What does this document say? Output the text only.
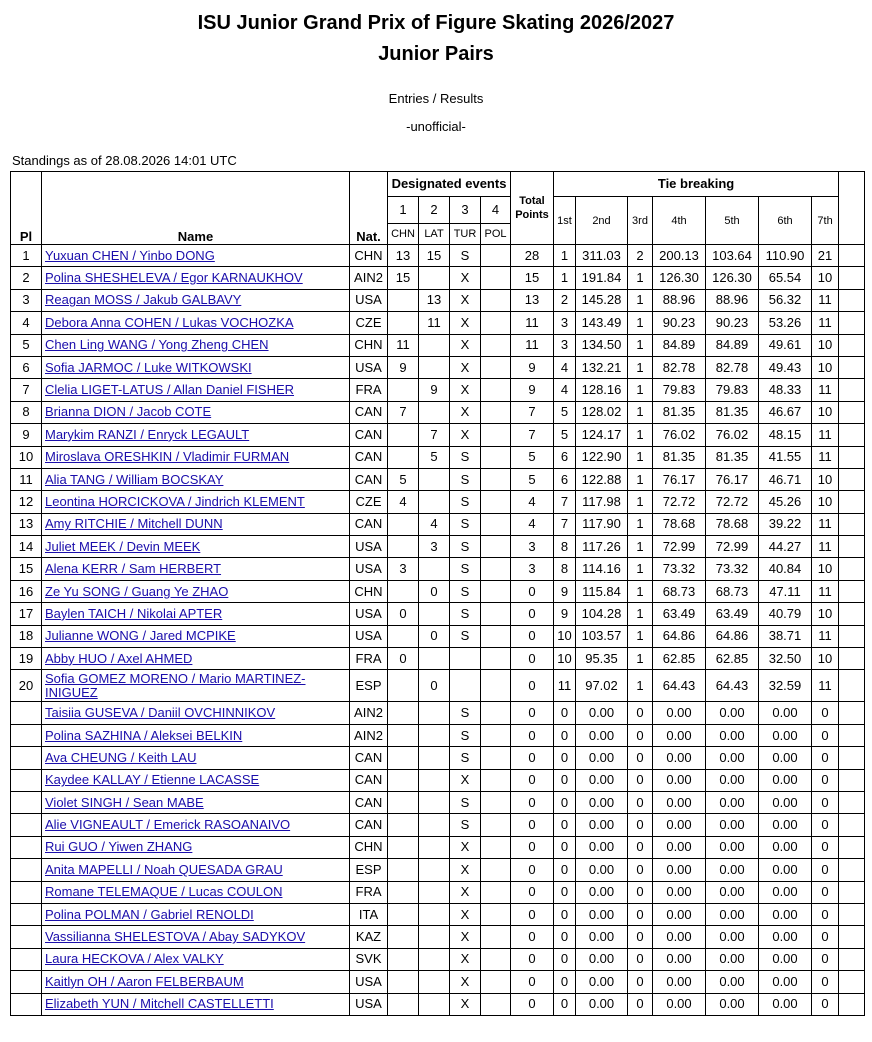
ISU Junior Grand Prix of Figure Skating 2026/2027
Junior Pairs
Entries / Results
-unofficial-
Standings as of 28.08.2026 14:01 UTC
Pl	Name	Nat.	Designated events				Total Points	Tie breaking							
			1	2	3	4		1st	2nd	3rd	4th	5th	6th	7th	
			CHN	LAT	TUR	POL									
1	Yuxuan CHEN / Yinbo DONG	CHN	13	15	S		28	1	311.03	2	200.13	103.64	110.90	21	
2	Polina SHESHELEVA / Egor KARNAUKHOV	AIN2	15		X		15	1	191.84	1	126.30	126.30	65.54	10	
3	Reagan MOSS / Jakub GALBAVY	USA		13	X		13	2	145.28	1	88.96	88.96	56.32	11	
4	Debora Anna COHEN / Lukas VOCHOZKA	CZE		11	X		11	3	143.49	1	90.23	90.23	53.26	11	
5	Chen Ling WANG / Yong Zheng CHEN	CHN	11		X		11	3	134.50	1	84.89	84.89	49.61	10	
6	Sofia JARMOC / Luke WITKOWSKI	USA	9		X		9	4	132.21	1	82.78	82.78	49.43	10	
7	Clelia LIGET-LATUS / Allan Daniel FISHER	FRA		9	X		9	4	128.16	1	79.83	79.83	48.33	11	
8	Brianna DION / Jacob COTE	CAN	7		X		7	5	128.02	1	81.35	81.35	46.67	10	
9	Marykim RANZI / Enryck LEGAULT	CAN		7	X		7	5	124.17	1	76.02	76.02	48.15	11	
10	Miroslava ORESHKIN / Vladimir FURMAN	CAN		5	S		5	6	122.90	1	81.35	81.35	41.55	11	
11	Alia TANG / William BOCSKAY	CAN	5		S		5	6	122.88	1	76.17	76.17	46.71	10	
12	Leontina HORCICKOVA / Jindrich KLEMENT	CZE	4		S		4	7	117.98	1	72.72	72.72	45.26	10	
13	Amy RITCHIE / Mitchell DUNN	CAN		4	S		4	7	117.90	1	78.68	78.68	39.22	11	
14	Juliet MEEK / Devin MEEK	USA		3	S		3	8	117.26	1	72.99	72.99	44.27	11	
15	Alena KERR / Sam HERBERT	USA	3		S		3	8	114.16	1	73.32	73.32	40.84	10	
16	Ze Yu SONG / Guang Ye ZHAO	CHN		0	S		0	9	115.84	1	68.73	68.73	47.11	11	
17	Baylen TAICH / Nikolai APTER	USA	0		S		0	9	104.28	1	63.49	63.49	40.79	10	
18	Julianne WONG / Jared MCPIKE	USA		0	S		0	10	103.57	1	64.86	64.86	38.71	11	
19	Abby HUO / Axel AHMED	FRA	0				0	10	95.35	1	62.85	62.85	32.50	10	
20	Sofia GOMEZ MORENO / Mario MARTINEZ-INIGUEZ	ESP		0			0	11	97.02	1	64.43	64.43	32.59	11	
	Taisiia GUSEVA / Daniil OVCHINNIKOV	AIN2			S		0	0	0.00	0	0.00	0.00	0.00	0	
	Polina SAZHINA / Aleksei BELKIN	AIN2			S		0	0	0.00	0	0.00	0.00	0.00	0	
	Ava CHEUNG / Keith LAU	CAN			S		0	0	0.00	0	0.00	0.00	0.00	0	
	Kaydee KALLAY / Etienne LACASSE	CAN			X		0	0	0.00	0	0.00	0.00	0.00	0	
	Violet SINGH / Sean MABE	CAN			S		0	0	0.00	0	0.00	0.00	0.00	0	
	Alie VIGNEAULT / Emerick RASOANAIVO	CAN			S		0	0	0.00	0	0.00	0.00	0.00	0	
	Rui GUO / Yiwen ZHANG	CHN			X		0	0	0.00	0	0.00	0.00	0.00	0	
	Anita MAPELLI / Noah QUESADA GRAU	ESP			X		0	0	0.00	0	0.00	0.00	0.00	0	
	Romane TELEMAQUE / Lucas COULON	FRA			X		0	0	0.00	0	0.00	0.00	0.00	0	
	Polina POLMAN / Gabriel RENOLDI	ITA			X		0	0	0.00	0	0.00	0.00	0.00	0	
	Vassilianna SHELESTOVA / Abay SADYKOV	KAZ			X		0	0	0.00	0	0.00	0.00	0.00	0	
	Laura HECKOVA / Alex VALKY	SVK			X		0	0	0.00	0	0.00	0.00	0.00	0	
	Kaitlyn OH / Aaron FELBERBAUM	USA			X		0	0	0.00	0	0.00	0.00	0.00	0	
	Elizabeth YUN / Mitchell CASTELLETTI	USA			X		0	0	0.00	0	0.00	0.00	0.00	0	
